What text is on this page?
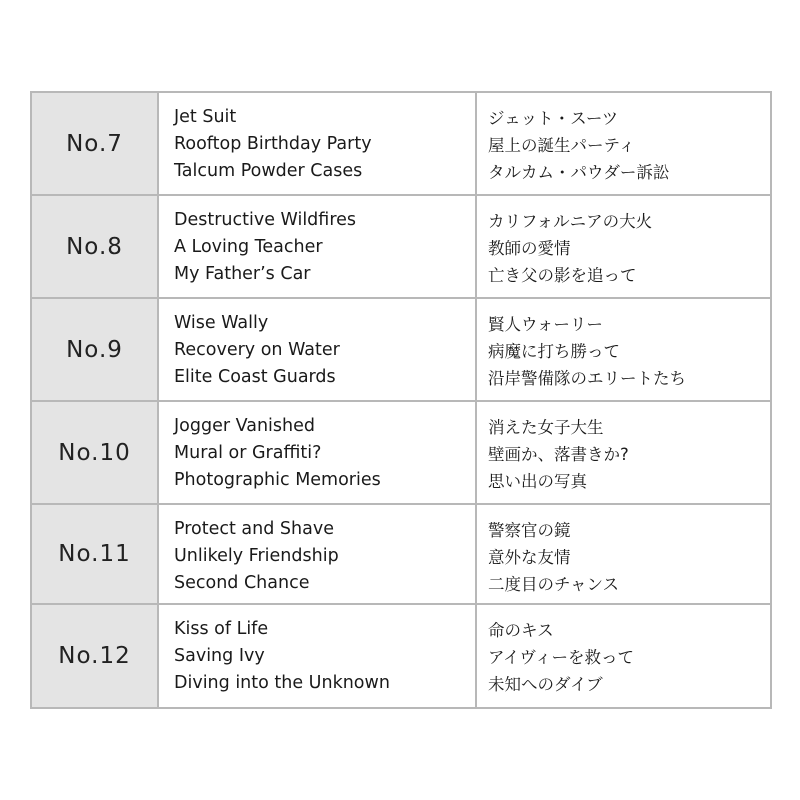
No.7	Jet Suit
Rooftop Birthday Party
Talcum Powder Cases	ジェット・スーツ
屋上の誕生パーティ
タルカム・パウダー訴訟

No.8	Destructive Wildfires
A Loving Teacher
My Father’s Car	カリフォルニアの大火
教師の愛情
亡き父の影を追って

No.9	Wise Wally
Recovery on Water
Elite Coast Guards	賢人ウォーリー
病魔に打ち勝って
沿岸警備隊のエリートたち

No.10	Jogger Vanished
Mural or Graffiti?
Photographic Memories	消えた女子大生
壁画か、落書きか?
思い出の写真

No.11	Protect and Shave
Unlikely Friendship
Second Chance	警察官の鏡
意外な友情
二度目のチャンス

No.12	Kiss of Life
Saving Ivy
Diving into the Unknown	命のキス
アイヴィーを救って
未知へのダイブ
